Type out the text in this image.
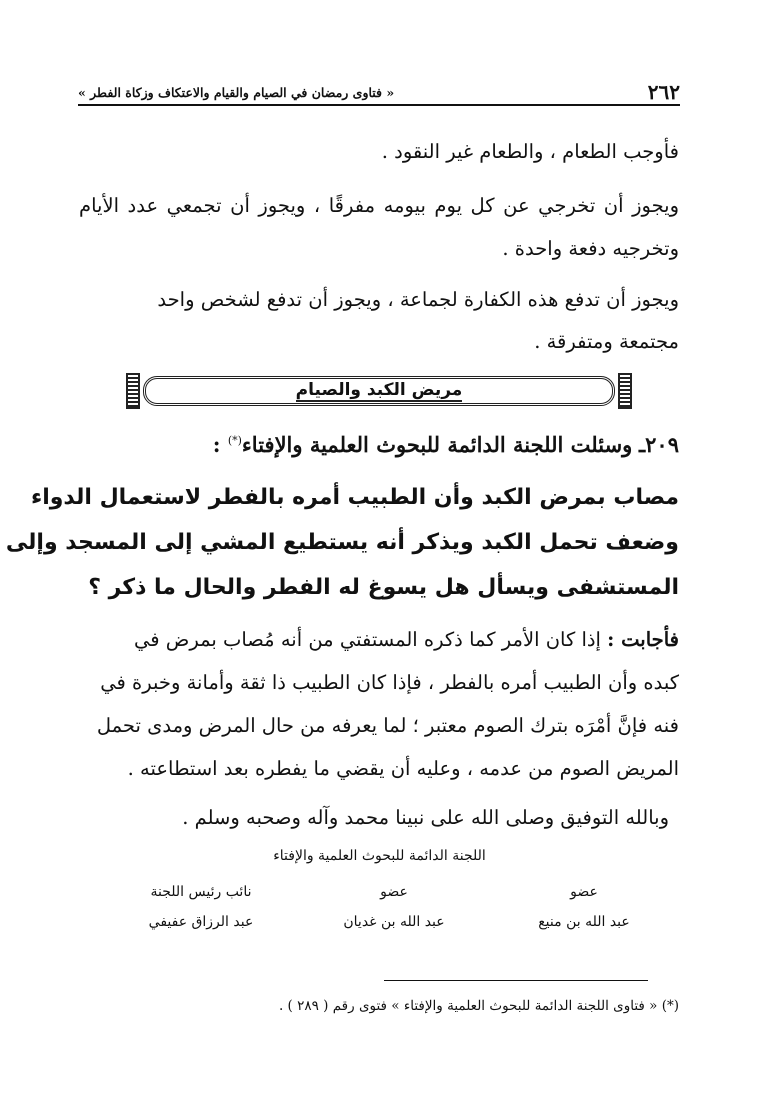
٢٦٢
« فتاوى رمضان في الصيام والقيام والاعتكاف وزكاة الفطر »
فأوجب الطعام ، والطعام غير النقود .
ويجوز أن تخرجي عن كل يوم بيومه مفرقًا ، ويجوز أن تجمعي عدد الأيام
وتخرجيه دفعة واحدة .
ويجوز أن تدفع هذه الكفارة لجماعة ، ويجوز أن تدفع لشخص واحد
مجتمعة ومتفرقة .
مريض الكبد والصيام
٢٠٩ـ وسئلت اللجنة الدائمة للبحوث العلمية والإفتاء(*) :
مصاب بمرض الكبد وأن الطبيب أمره بالفطر لاستعمال الدواء
وضعف تحمل الكبد ويذكر أنه يستطيع المشي إلى المسجد وإلى
المستشفى ويسأل هل يسوغ له الفطر والحال ما ذكر ؟
فأجابت : إذا كان الأمر كما ذكره المستفتي من أنه مُصاب بمرض في
كبده وأن الطبيب أمره بالفطر ، فإذا كان الطبيب ذا ثقة وأمانة وخبرة في
فنه فإنَّ أمْرَه بترك الصوم معتبر ؛ لما يعرفه من حال المرض ومدى تحمل
المريض الصوم من عدمه ، وعليه أن يقضي ما يفطره بعد استطاعته .
وبالله التوفيق وصلى الله على نبينا محمد وآله وصحبه وسلم .
اللجنة الدائمة للبحوث العلمية والإفتاء
عضو
عبد الله بن منيع
عضو
عبد الله بن غديان
نائب رئيس اللجنة
عبد الرزاق عفيفي
(*) « فتاوى اللجنة الدائمة للبحوث العلمية والإفتاء » فتوى رقم ( ٢٨٩ ) .
